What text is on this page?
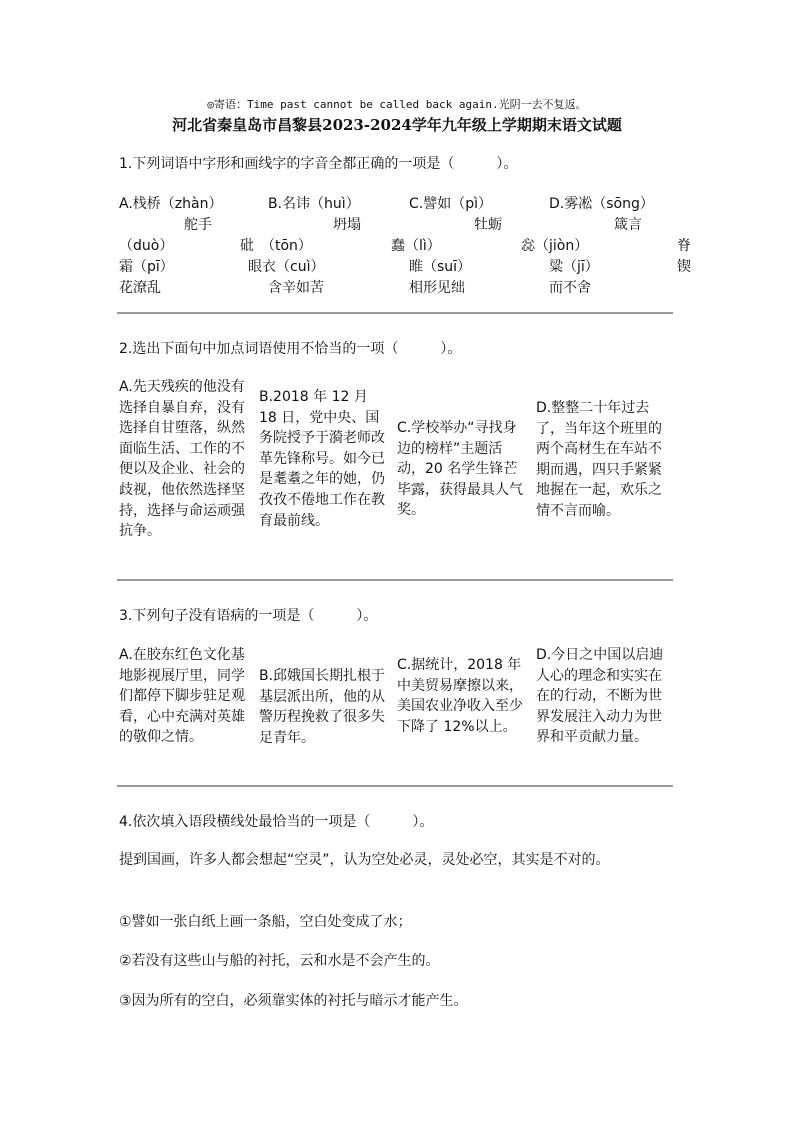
◎寄语：Time past cannot be called back again.光阴一去不复返。
河北省秦皇岛市昌黎县2023-2024学年九年级上学期期末语文试题
1.下列词语中字形和画线字的字音全都正确的一项是（　　　）。
A.栈桥（zhàn）	B.名讳（huì）	C.譬如（pì）	D.雾凇（sōng）
舵手	坍塌	牡蛎	箴言
（duò）	砒　（tōn）	蠢（lì）	惢（jiòn）	脊
霜（pī）	眼衣（cuì）	睢（suī）	粱（jī）	锲
花潦乱	含辛如苦	相形见绌	而不舍
2.选出下面句中加点词语使用不恰当的一项（　　　）。
A.先天残疾的他没有选择自暴自弃，没有选择自甘堕落，纵然面临生活、工作的不便以及企业、社会的歧视，他依然选择坚持，选择与命运顽强抗争。
B.2018 年 12 月 18 日，党中央、国务院授予于漪老师改革先锋称号。如今已是耄耋之年的她，仍孜孜不倦地工作在教育最前线。
C.学校举办“寻找身边的榜样”主题活动，20 名学生锋芒毕露，获得最具人气奖。
D.整整二十年过去了，当年这个班里的两个高材生在车站不期而遇，四只手紧紧地握在一起，欢乐之情不言而喻。
3.下列句子没有语病的一项是（　　　）。
A.在胶东红色文化基地影视展厅里，同学们都停下脚步驻足观看，心中充满对英雄的敬仰之情。
B.邱娥国长期扎根于基层派出所，他的从警历程挽救了很多失足青年。
C.据统计，2018 年中美贸易摩擦以来，美国农业净收入至少下降了 12%以上。
D.今日之中国以启迪人心的理念和实实在在的行动，不断为世界发展注入动力为世界和平贡献力量。
4.依次填入语段横线处最恰当的一项是（　　　）。
提到国画，许多人都会想起“空灵”，认为空处必灵，灵处必空，其实是不对的。
①譬如一张白纸上画一条船，空白处变成了水；
②若没有这些山与船的衬托，云和水是不会产生的。
③因为所有的空白，必须靠实体的衬托与暗示才能产生。
